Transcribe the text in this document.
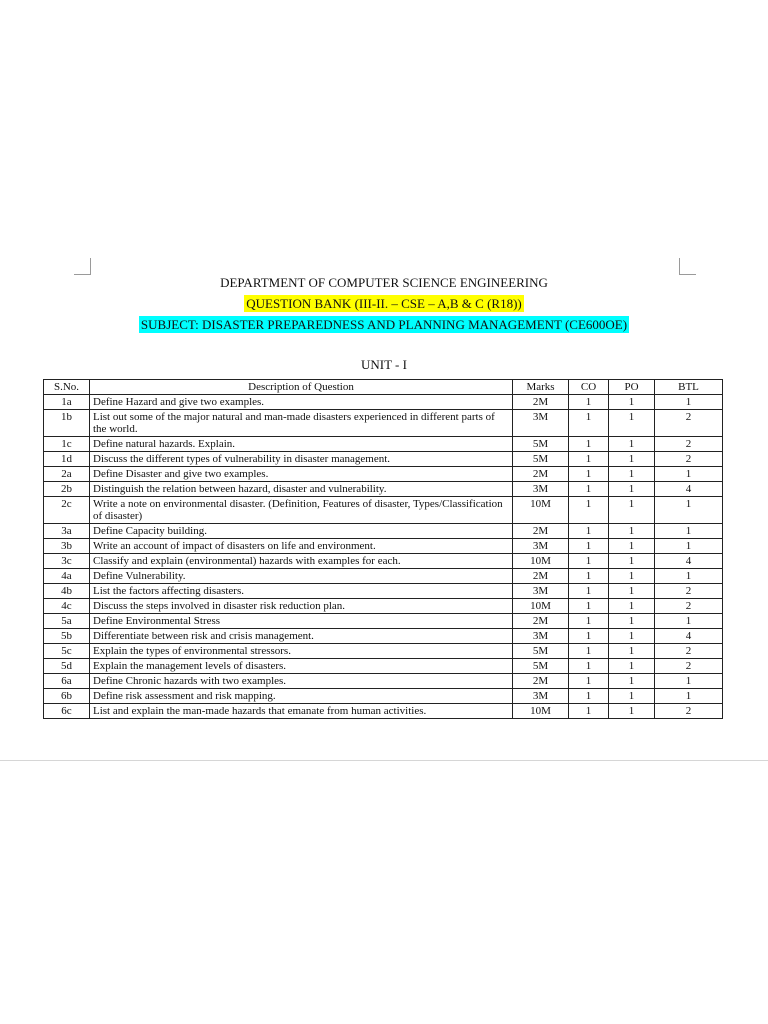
DEPARTMENT OF COMPUTER SCIENCE ENGINEERING
QUESTION BANK (III-II. – CSE – A,B & C (R18))
SUBJECT: DISASTER PREPAREDNESS AND PLANNING MANAGEMENT (CE600OE)
UNIT - I
S.No.	Description of Question	Marks	CO	PO	BTL
1a	Define Hazard and give two examples.	2M	1	1	1
1b	List out some of the major natural and man-made disasters experienced in different parts of the world.	3M	1	1	2
1c	Define natural hazards. Explain.	5M	1	1	2
1d	Discuss the different types of vulnerability in disaster management.	5M	1	1	2
2a	Define Disaster and give two examples.	2M	1	1	1
2b	Distinguish the relation between hazard, disaster and vulnerability.	3M	1	1	4
2c	Write a note on environmental disaster. (Definition, Features of disaster, Types/Classification of disaster)	10M	1	1	1
3a	Define Capacity building.	2M	1	1	1
3b	Write an account of impact of disasters on life and environment.	3M	1	1	1
3c	Classify and explain (environmental) hazards with examples for each.	10M	1	1	4
4a	Define Vulnerability.	2M	1	1	1
4b	List the factors affecting disasters.	3M	1	1	2
4c	Discuss the steps involved in disaster risk reduction plan.	10M	1	1	2
5a	Define Environmental Stress	2M	1	1	1
5b	Differentiate between risk and crisis management.	3M	1	1	4
5c	Explain the types of environmental stressors.	5M	1	1	2
5d	Explain the management levels of disasters.	5M	1	1	2
6a	Define Chronic hazards with two examples.	2M	1	1	1
6b	Define risk assessment and risk mapping.	3M	1	1	1
6c	List and explain the man-made hazards that emanate from human activities.	10M	1	1	2
